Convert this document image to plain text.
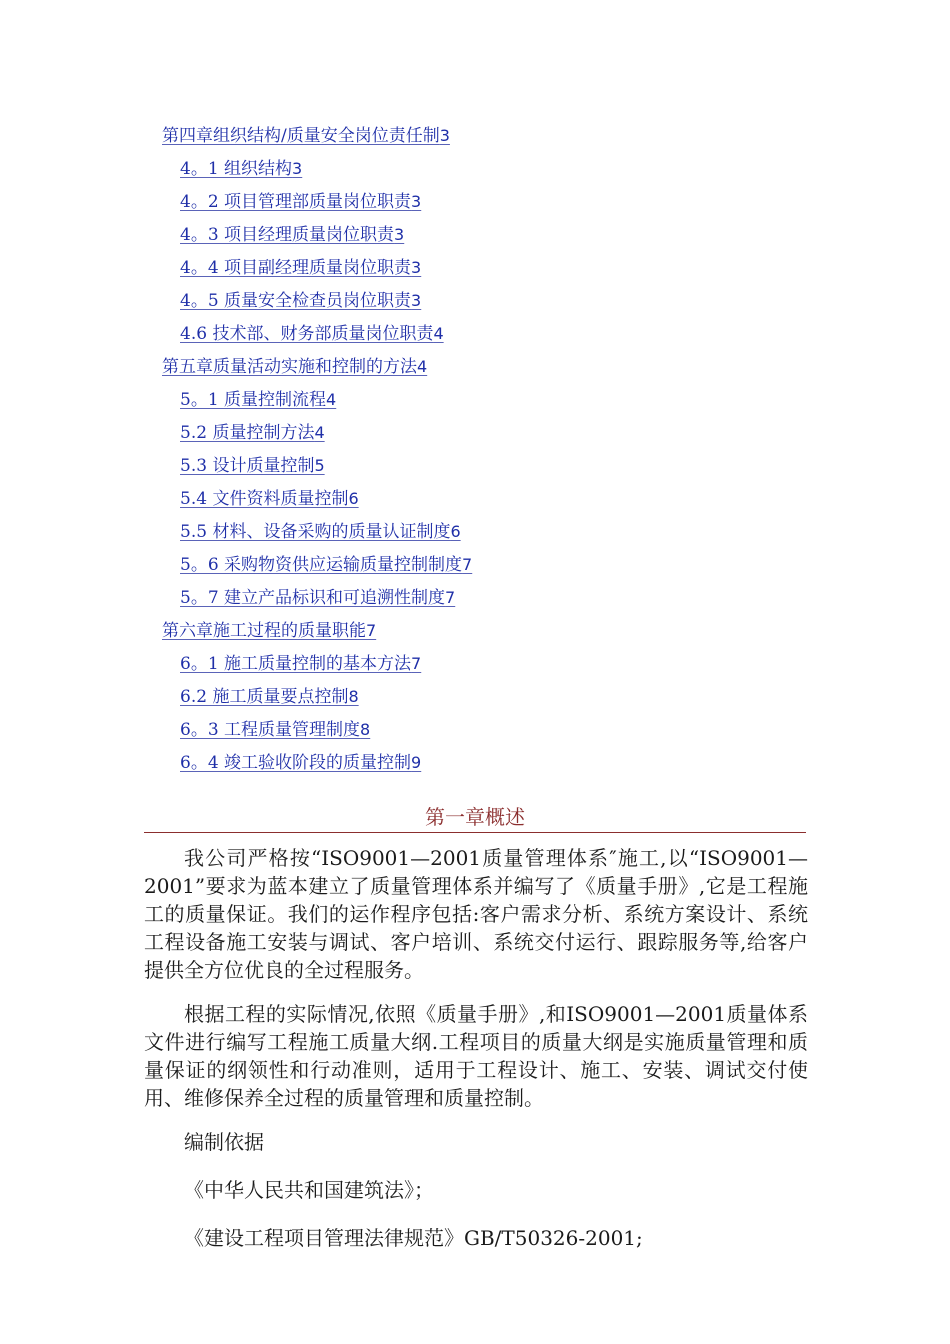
第四章组织结构/质量安全岗位责任制3
4。1 组织结构3
4。2 项目管理部质量岗位职责3
4。3 项目经理质量岗位职责3
4。4 项目副经理质量岗位职责3
4。5 质量安全检查员岗位职责3
4.6 技术部、财务部质量岗位职责4
第五章质量活动实施和控制的方法4
5。1 质量控制流程4
5.2 质量控制方法4
5.3 设计质量控制5
5.4 文件资料质量控制6
5.5 材料、设备采购的质量认证制度6
5。6 采购物资供应运输质量控制制度7
5。7 建立产品标识和可追溯性制度7
第六章施工过程的质量职能7
6。1 施工质量控制的基本方法7
6.2 施工质量要点控制8
6。3 工程质量管理制度8
6。4 竣工验收阶段的质量控制9
第一章概述

我公司严格按“ISO9001—2001质量管理体系″施工,以“ISO9001—2001”要求为蓝本建立了质量管理体系并编写了《质量手册》,它是工程施工的质量保证。我们的运作程序包括:客户需求分析、系统方案设计、系统工程设备施工安装与调试、客户培训、系统交付运行、跟踪服务等,给客户提供全方位优良的全过程服务。

根据工程的实际情况,依照《质量手册》,和ISO9001—2001质量体系文件进行编写工程施工质量大纲.工程项目的质量大纲是实施质量管理和质量保证的纲领性和行动准则，适用于工程设计、施工、安装、调试交付使用、维修保养全过程的质量管理和质量控制。

编制依据

《中华人民共和国建筑法》；

《建设工程项目管理法律规范》GB/T50326-2001;
